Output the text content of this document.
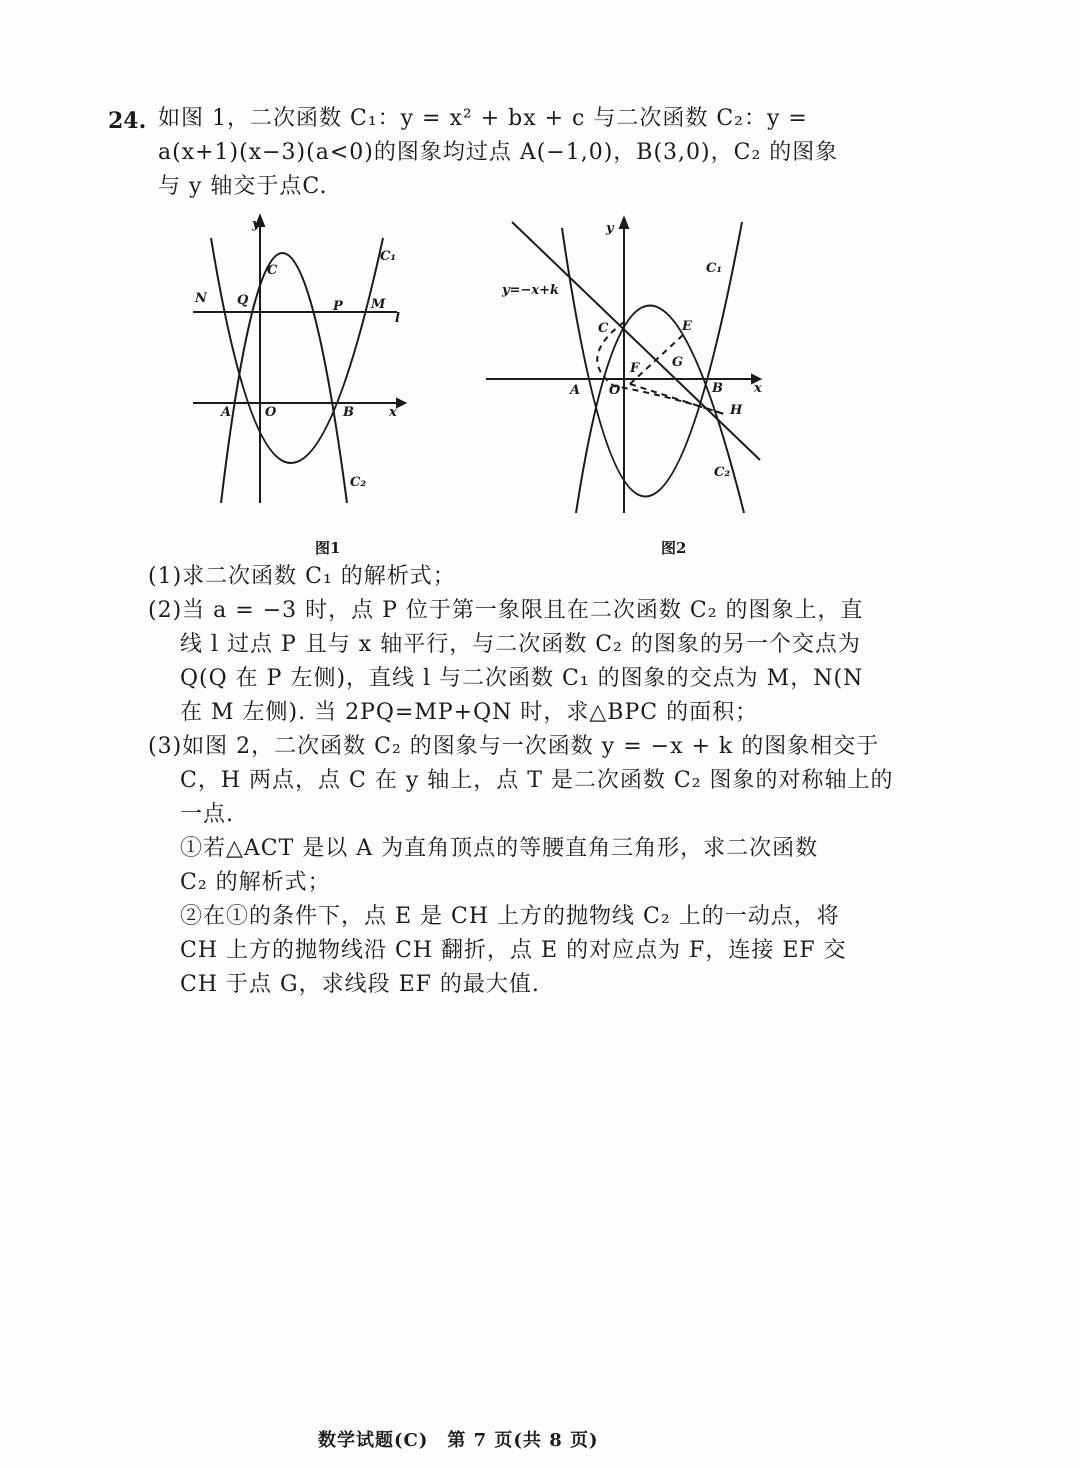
24. 如图 1，二次函数 C₁：y = x² + bx + c 与二次函数 C₂：y =
a(x+1)(x−3)(a<0)的图象均过点 A(−1,0)，B(3,0)，C₂ 的图象
与 y 轴交于点C.
y
x
C
C₁
N Q	P M
l
A	O	B
C₂
图1
y
x
y=−x+k
C₁
C	E
F	G
A O	B
H
C₂
图2
(1)求二次函数 C₁ 的解析式；
(2)当 a = −3 时，点 P 位于第一象限且在二次函数 C₂ 的图象上，直
线 l 过点 P 且与 x 轴平行，与二次函数 C₂ 的图象的另一个交点为
Q(Q 在 P 左侧)，直线 l 与二次函数 C₁ 的图象的交点为 M，N(N
在 M 左侧). 当 2PQ=MP+QN 时，求△BPC 的面积；
(3)如图 2，二次函数 C₂ 的图象与一次函数 y = −x + k 的图象相交于
C，H 两点，点 C 在 y 轴上，点 T 是二次函数 C₂ 图象的对称轴上的
一点.
①若△ACT 是以 A 为直角顶点的等腰直角三角形，求二次函数
C₂ 的解析式；
②在①的条件下，点 E 是 CH 上方的抛物线 C₂ 上的一动点，将
CH 上方的抛物线沿 CH 翻折，点 E 的对应点为 F，连接 EF 交
CH 于点 G，求线段 EF 的最大值.
数学试题(C)　第 7 页(共 8 页)
